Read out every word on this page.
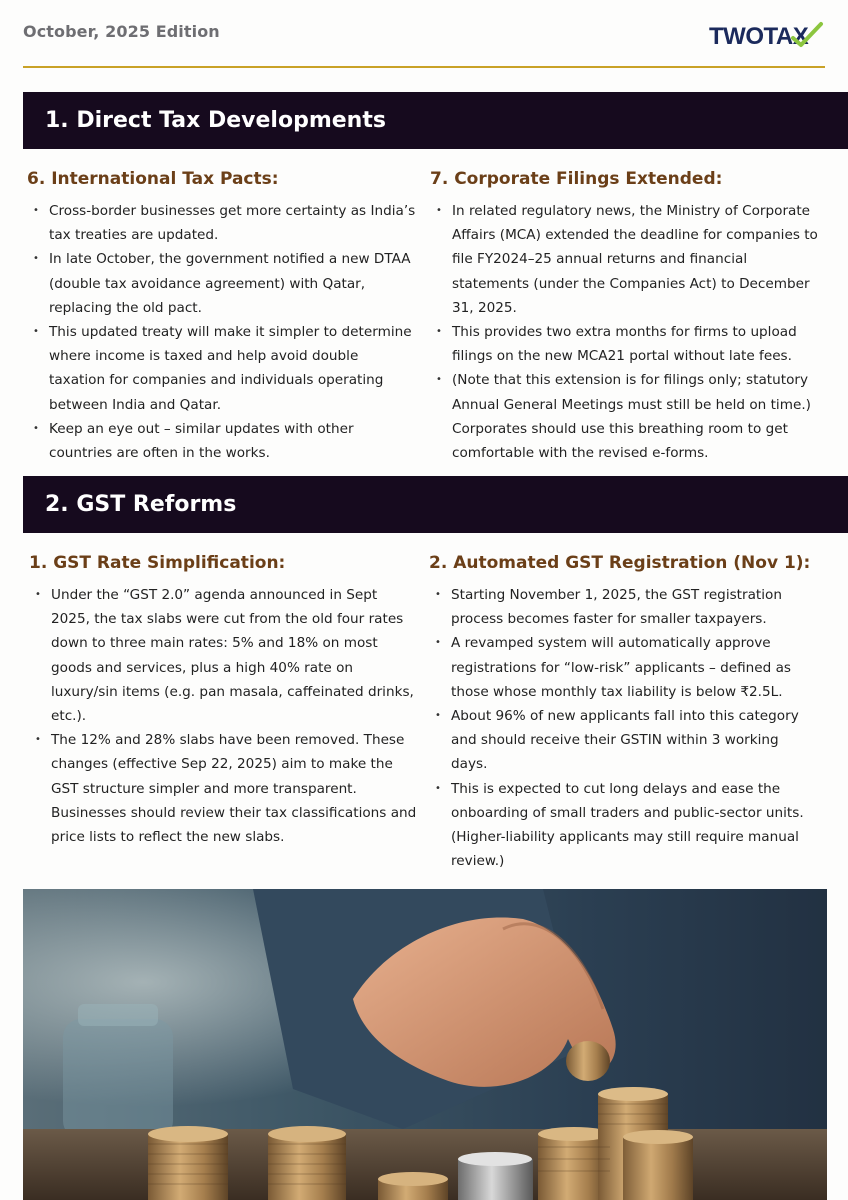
October, 2025 Edition	TWOTAX
1. Direct Tax Developments
6. International Tax Pacts:
• Cross-border businesses get more certainty as India’s tax treaties are updated.
• In late October, the government notified a new DTAA (double tax avoidance agreement) with Qatar, replacing the old pact.
• This updated treaty will make it simpler to determine where income is taxed and help avoid double taxation for companies and individuals operating between India and Qatar.
• Keep an eye out – similar updates with other countries are often in the works.
7. Corporate Filings Extended:
• In related regulatory news, the Ministry of Corporate Affairs (MCA) extended the deadline for companies to file FY2024–25 annual returns and financial statements (under the Companies Act) to December 31, 2025.
• This provides two extra months for firms to upload filings on the new MCA21 portal without late fees.
• (Note that this extension is for filings only; statutory Annual General Meetings must still be held on time.) Corporates should use this breathing room to get comfortable with the revised e-forms.
2. GST Reforms
1. GST Rate Simplification:
• Under the “GST 2.0” agenda announced in Sept 2025, the tax slabs were cut from the old four rates down to three main rates: 5% and 18% on most goods and services, plus a high 40% rate on luxury/sin items (e.g. pan masala, caffeinated drinks, etc.).
• The 12% and 28% slabs have been removed. These changes (effective Sep 22, 2025) aim to make the GST structure simpler and more transparent. Businesses should review their tax classifications and price lists to reflect the new slabs.
2. Automated GST Registration (Nov 1):
• Starting November 1, 2025, the GST registration process becomes faster for smaller taxpayers.
• A revamped system will automatically approve registrations for “low-risk” applicants – defined as those whose monthly tax liability is below ₹2.5L.
• About 96% of new applicants fall into this category and should receive their GSTIN within 3 working days.
• This is expected to cut long delays and ease the onboarding of small traders and public-sector units. (Higher-liability applicants may still require manual review.)
